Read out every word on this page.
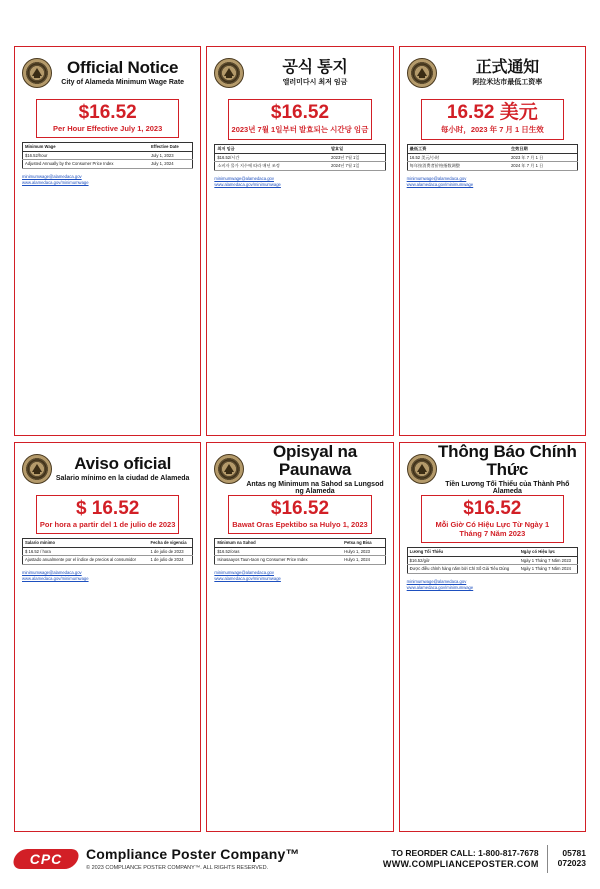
Official Notice
City of Alameda Minimum Wage Rate
$16.52
Per Hour Effective July 1, 2023
Minimum Wage	Effective Date
$16.52/hour	July 1, 2023
Adjusted Annually by the Consumer Price Index	July 1, 2024
minimumwage@alamedaca.gov
www.alamedaca.gov/minimumwage
공식 통지
앨러미다시 최저 임금
$16.52
2023년 7월 1일부터 발효되는 시간당 임금
최저 임금	발효일
$16.52/시간	2023년 7월 1일
소비자 물가 지수에 따라 매년 조정	2024년 7월 1일
minimumwage@alamedaca.gov
www.alamedaca.gov/minimumwage
正式通知
阿拉米达市最低工资率
16.52 美元
每小时，2023 年 7 月 1 日生效
最低工资	生效日期
16.52 美元/小时	2023 年 7 月 1 日
每年按消费者价格指数调整	2024 年 7 月 1 日
minimumwage@alamedaca.gov
www.alamedaca.gov/minimumwage
Aviso oficial
Salario mínimo en la ciudad de Alameda
$ 16.52
Por hora a partir del 1 de julio de 2023
Salario mínimo	Fecha de vigencia
$ 16.52 / hora	1 de julio de 2023
Ajustado anualmente por el índice de precios al consumidor	1 de julio de 2024
minimumwage@alamedaca.gov
www.alamedaca.gov/minimumwage
Opisyal na Paunawa
Antas ng Minimum na Sahod sa Lungsod ng Alameda
$16.52
Bawat Oras Epektibo sa Hulyo 1, 2023
Minimum na Sahod	Petsa ng Bisa
$16.52/oras	Hulyo 1, 2023
Isinasaayos Taun-taon ng Consumer Price Index	Hulyo 1, 2024
minimumwage@alamedaca.gov
www.alamedaca.gov/minimumwage
Thông Báo Chính Thức
Tiền Lương Tối Thiểu của Thành Phố Alameda
$16.52
Mỗi Giờ Có Hiệu Lực Từ Ngày 1 Tháng 7 Năm 2023
Lương Tối Thiểu	Ngày có Hiệu lực
$16.52/giờ	Ngày 1 Tháng 7 Năm 2023
Được điều chỉnh hàng năm bởi Chỉ Số Giá Tiêu Dùng	Ngày 1 Tháng 7 Năm 2024
minimumwage@alamedaca.gov
www.alamedaca.gov/minimumwage
CPC	Compliance Poster Company™
© 2023 COMPLIANCE POSTER COMPANY™. ALL RIGHTS RESERVED.
TO REORDER CALL: 1-800-817-7678
WWW.COMPLIANCEPOSTER.COM
05781
072023
